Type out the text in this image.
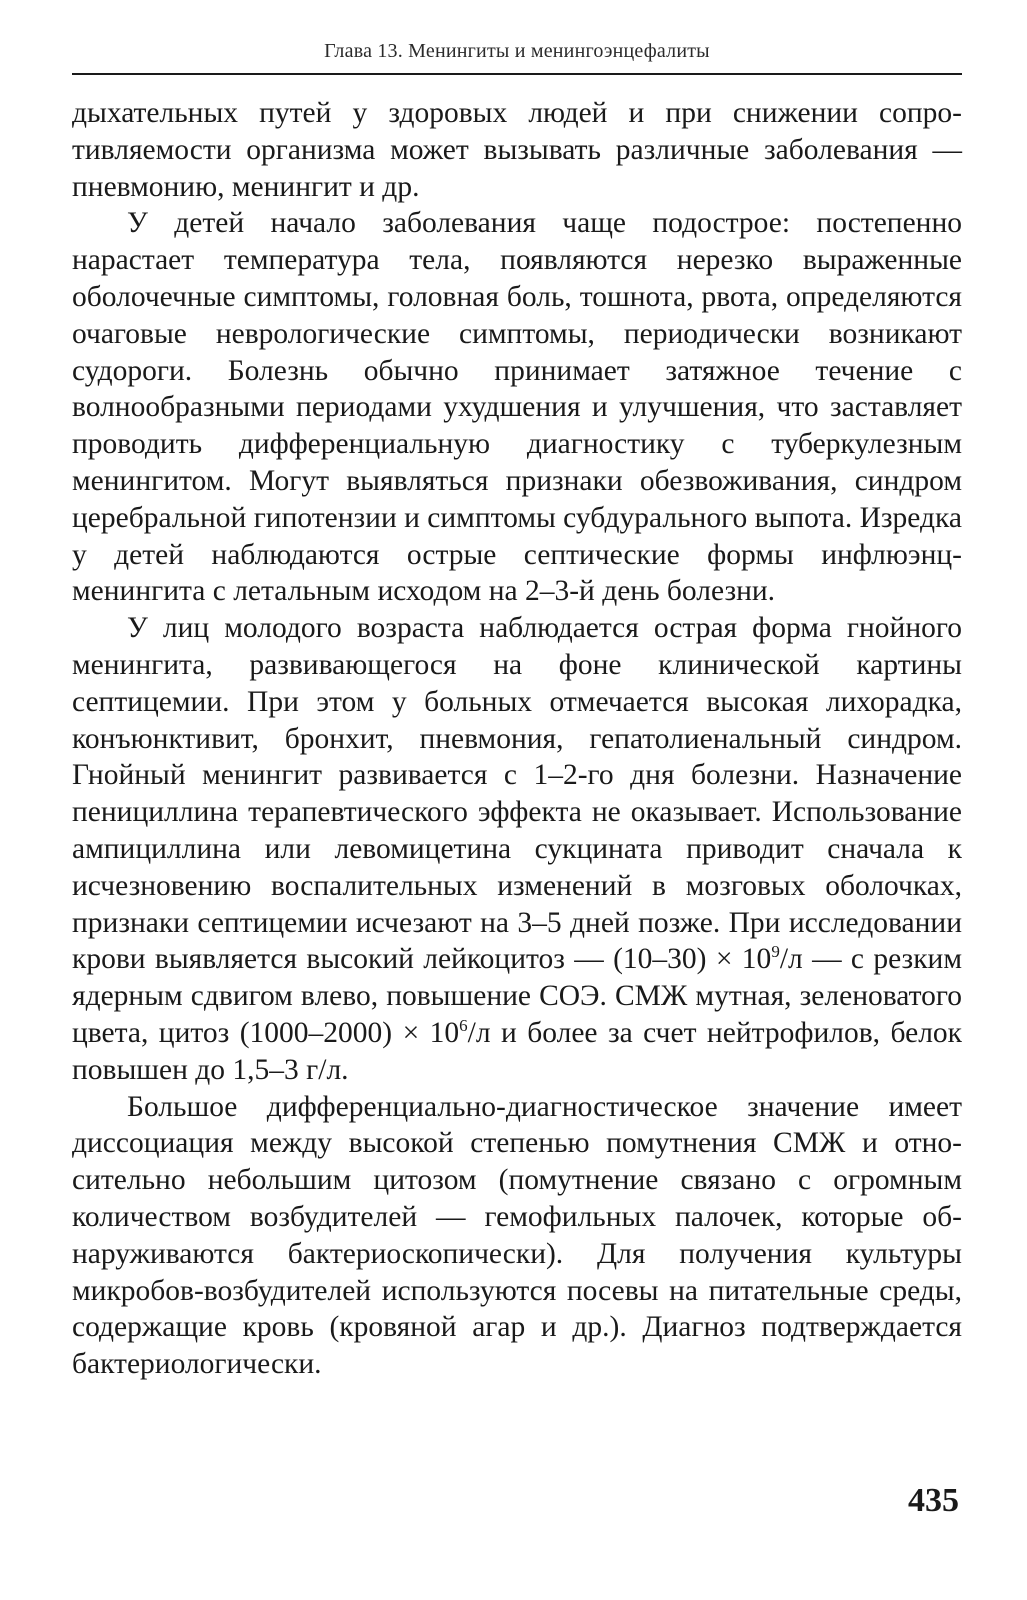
Глава 13. Менингиты и менингоэнцефалиты

дыхательных путей у здоровых людей и при снижении сопротивляемости организма может вызывать различные заболевания — пневмонию, менингит и др.

У детей начало заболевания чаще подострое: постепенно нарастает температура тела, появляются нерезко выраженные оболочечные симптомы, головная боль, тошнота, рвота, определяются очаговые неврологические симптомы, периодически возникают судороги. Болезнь обычно принимает затяжное течение с волнообразными периодами ухудшения и улучшения, что заставляет проводить дифференциальную диагностику с туберкулезным менингитом. Могут выявляться признаки обезвоживания, синдром церебральной гипотензии и симптомы субдурального выпота. Изредка у детей наблюдаются острые септические формы инфлюэнц-менингита с летальным исходом на 2–3-й день болезни.

У лиц молодого возраста наблюдается острая форма гнойного менингита, развивающегося на фоне клинической картины септицемии. При этом у больных отмечается высокая лихорадка, конъюнктивит, бронхит, пневмония, гепатолиенальный синдром. Гнойный менингит развивается с 1–2-го дня болезни. Назначение пенициллина терапевтического эффекта не оказывает. Использование ампициллина или левомицетина сукцината приводит сначала к исчезновению воспалительных изменений в мозговых оболочках, признаки септицемии исчезают на 3–5 дней позже. При исследовании крови выявляется высокий лейкоцитоз — $(10-30) \times 10^9/л$ — с резким ядерным сдвигом влево, повышение СОЭ. СМЖ мутная, зеленоватого цвета, цитоз $(1000-2000) \times 10^6/л$ и более за счет нейтрофилов, белок повышен до 1,5–3 г/л.

Большое дифференциально-диагностическое значение имеет диссоциация между высокой степенью помутнения СМЖ и относительно небольшим цитозом (помутнение связано с огромным количеством возбудителей — гемофильных палочек, которые обнаруживаются бактериоскопически). Для получения культуры микробов-возбудителей используются посевы на питательные среды, содержащие кровь (кровяной агар и др.). Диагноз подтверждается бактериологически.

435
